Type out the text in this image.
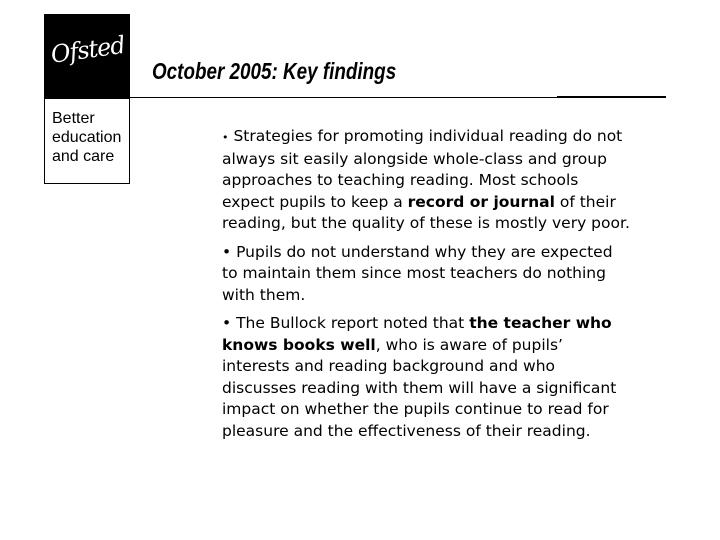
Ofsted
Better
education
and care
October 2005: Key findings

• Strategies for promoting individual reading do not always sit easily alongside whole-class and group approaches to teaching reading. Most schools expect pupils to keep a record or journal of their reading, but the quality of these is mostly very poor.

• Pupils do not understand why they are expected to maintain them since most teachers do nothing with them.

• The Bullock report noted that the teacher who knows books well, who is aware of pupils’ interests and reading background and who discusses reading with them will have a significant impact on whether the pupils continue to read for pleasure and the effectiveness of their reading.
